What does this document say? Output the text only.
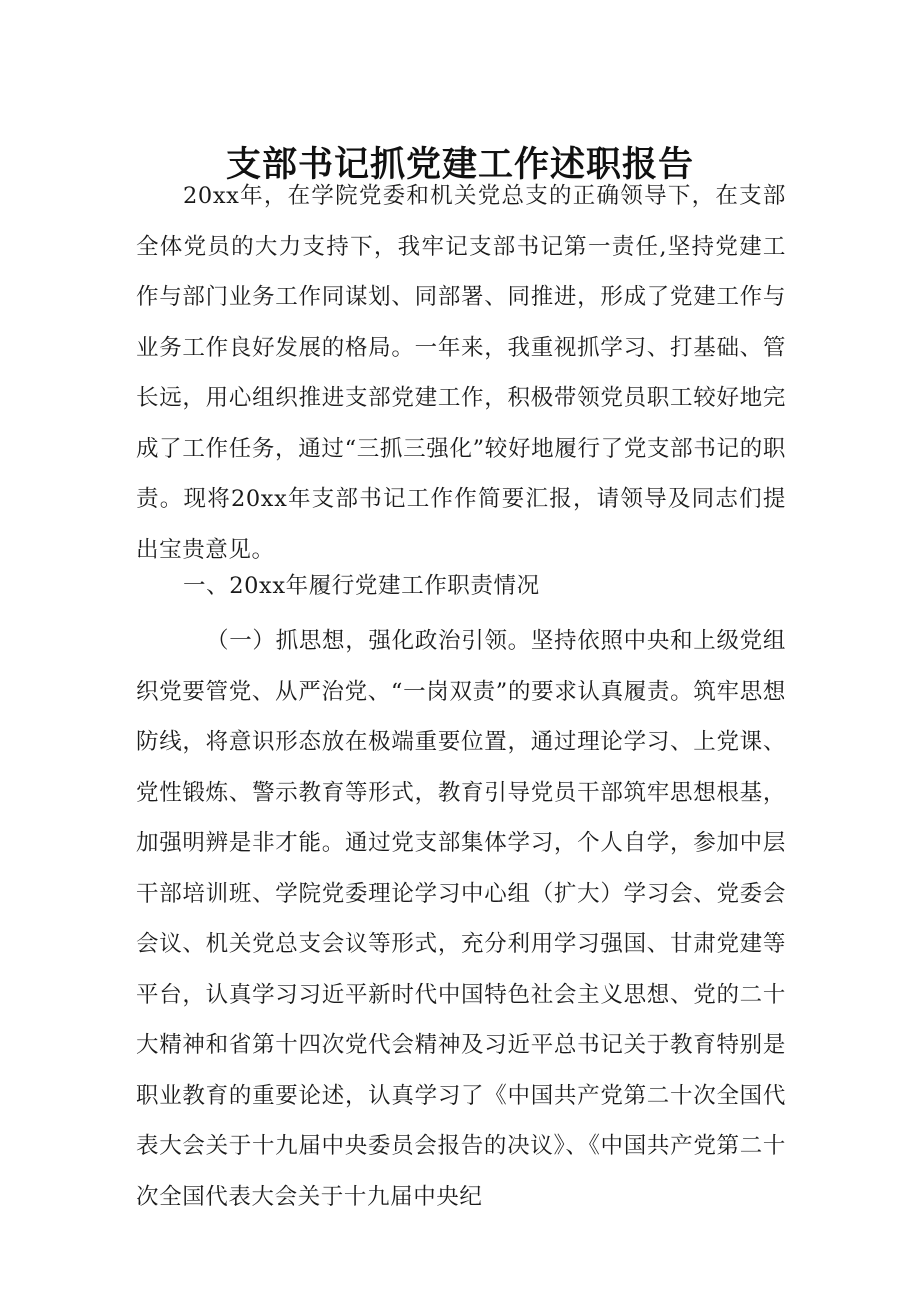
支部书记抓党建工作述职报告

20xx年，在学院党委和机关党总支的正确领导下，在支部全体党员的大力支持下，我牢记支部书记第一责任,坚持党建工作与部门业务工作同谋划、同部署、同推进，形成了党建工作与业务工作良好发展的格局。一年来，我重视抓学习、打基础、管长远，用心组织推进支部党建工作，积极带领党员职工较好地完成了工作任务，通过“三抓三强化”较好地履行了党支部书记的职责。现将20xx年支部书记工作作简要汇报，请领导及同志们提出宝贵意见。

一、20xx年履行党建工作职责情况

（一）抓思想，强化政治引领。坚持依照中央和上级党组织党要管党、从严治党、“一岗双责”的要求认真履责。筑牢思想防线，将意识形态放在极端重要位置，通过理论学习、上党课、党性锻炼、警示教育等形式，教育引导党员干部筑牢思想根基，加强明辨是非才能。通过党支部集体学习，个人自学，参加中层干部培训班、学院党委理论学习中心组（扩大）学习会、党委会会议、机关党总支会议等形式，充分利用学习强国、甘肃党建等平台，认真学习习近平新时代中国特色社会主义思想、党的二十大精神和省第十四次党代会精神及习近平总书记关于教育特别是职业教育的重要论述，认真学习了《中国共产党第二十次全国代表大会关于十九届中央委员会报告的决议》、《中国共产党第二十次全国代表大会关于十九届中央纪
